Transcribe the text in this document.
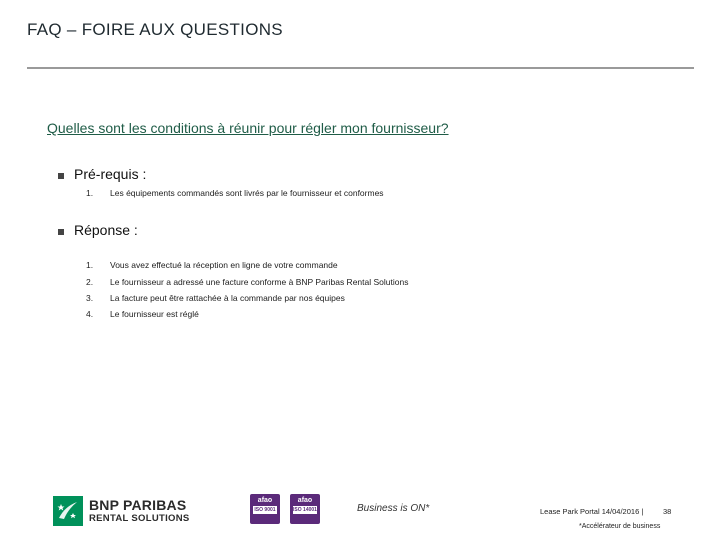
FAQ – FOIRE AUX QUESTIONS
Quelles sont les conditions à réunir pour régler mon fournisseur?
Pré-requis :
1.	Les équipements commandés sont livrés par le fournisseur et conformes
Réponse :
1.	Vous avez effectué la réception en ligne de votre commande
2.	Le fournisseur a adressé une facture conforme à BNP Paribas Rental Solutions
3.	La facture peut être rattachée à la commande par nos équipes
4.	Le fournisseur est réglé
BNP PARIBAS
RENTAL SOLUTIONS
afao
ISO 9001
afao
ISO 14001	Business is ON*	Lease Park Portal 14/04/2016 |	38
*Accélérateur de business
